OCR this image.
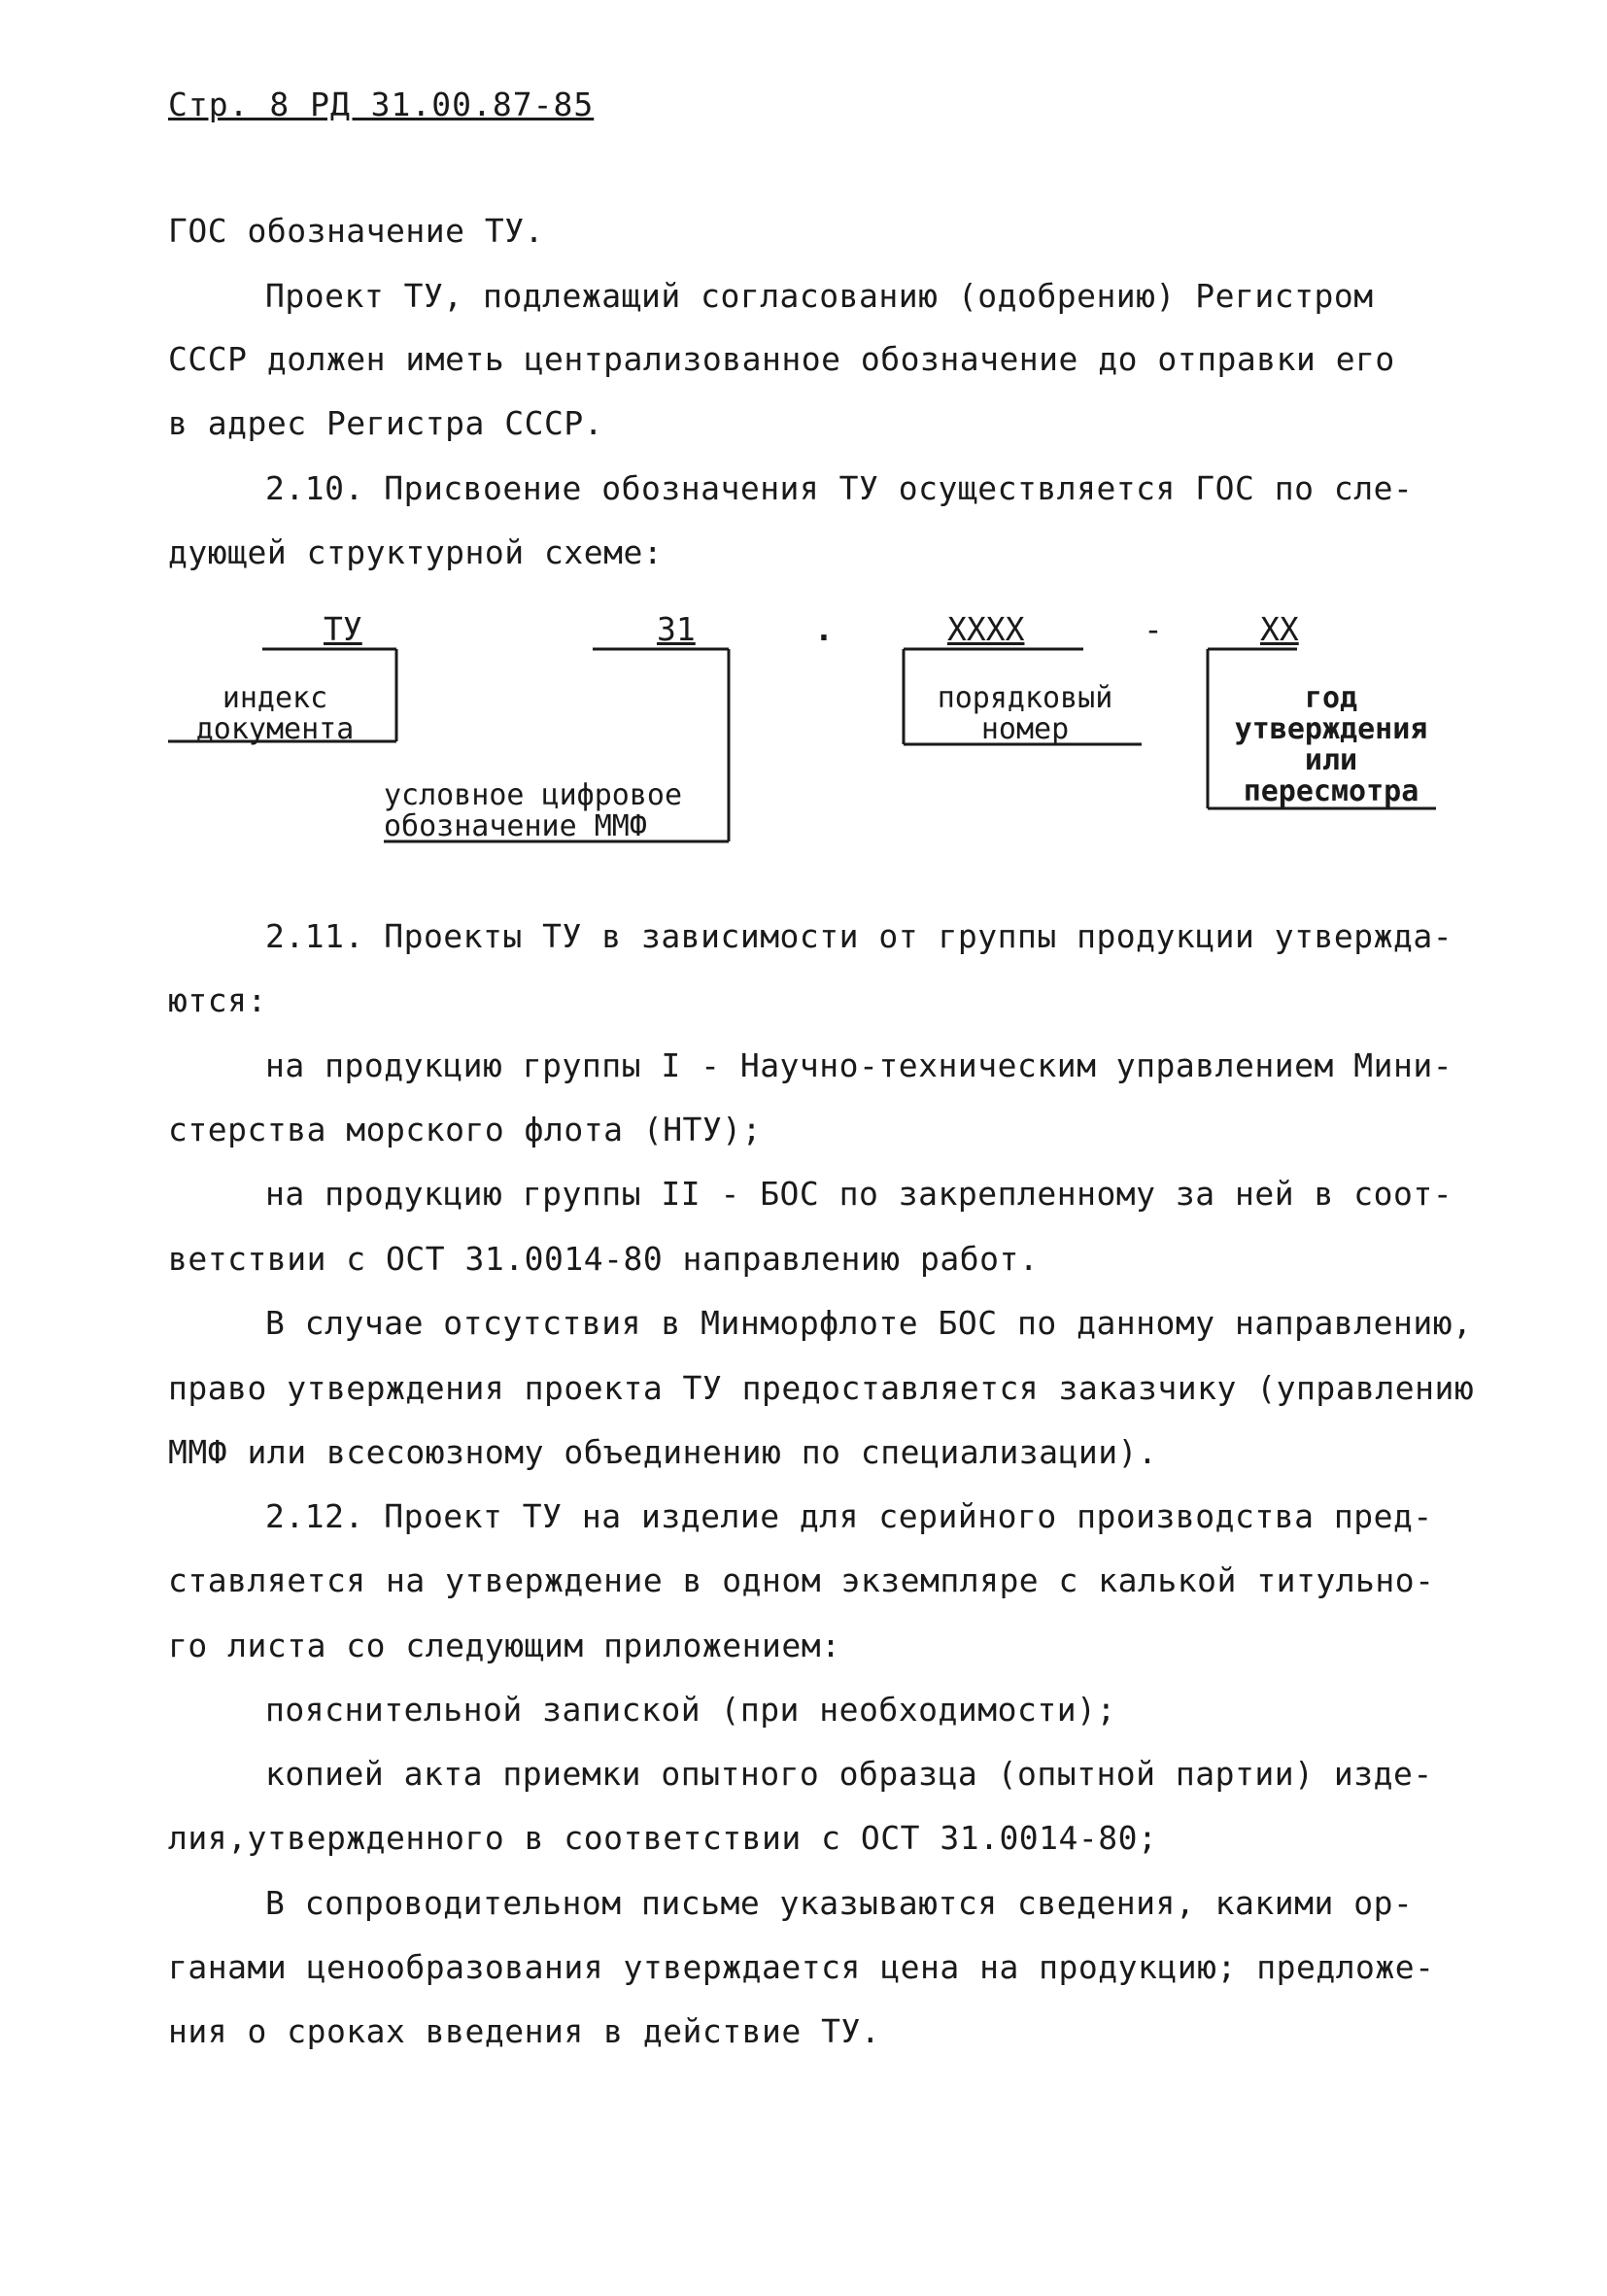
Стр. 8 РД 31.00.87-85
ГОС обозначение ТУ.
Проект ТУ, подлежащий согласованию (одобрению) Регистром
СССР должен иметь централизованное обозначение до отправки его
в адрес Регистра СССР.
2.10. Присвоение обозначения ТУ осуществляется ГОС по сле-
дующей структурной схеме:
ТУ	31	.	XXXX	-	XX
индекс
документа
условное цифровое
обозначение ММФ
порядковый
номер
год
утверждения
или
пересмотра
2.11. Проекты ТУ в зависимости от группы продукции утвержда-
ются:
на продукцию группы I - Научно-техническим управлением Мини-
стерства морского флота (НТУ);
на продукцию группы II - БОС по закрепленному за ней в соот-
ветствии с ОСТ 31.0014-80 направлению работ.
В случае отсутствия в Минморфлоте БОС по данному направлению,
право утверждения проекта ТУ предоставляется заказчику (управлению
ММФ или всесоюзному объединению по специализации).
2.12. Проект ТУ на изделие для серийного производства пред-
ставляется на утверждение в одном экземпляре с калькой титульно-
го листа со следующим приложением:
пояснительной запиской (при необходимости);
копией акта приемки опытного образца (опытной партии) изде-
лия,утвержденного в соответствии с ОСТ 31.0014-80;
В сопроводительном письме указываются сведения, какими ор-
ганами ценообразования утверждается цена на продукцию; предложе-
ния о сроках введения в действие ТУ.
